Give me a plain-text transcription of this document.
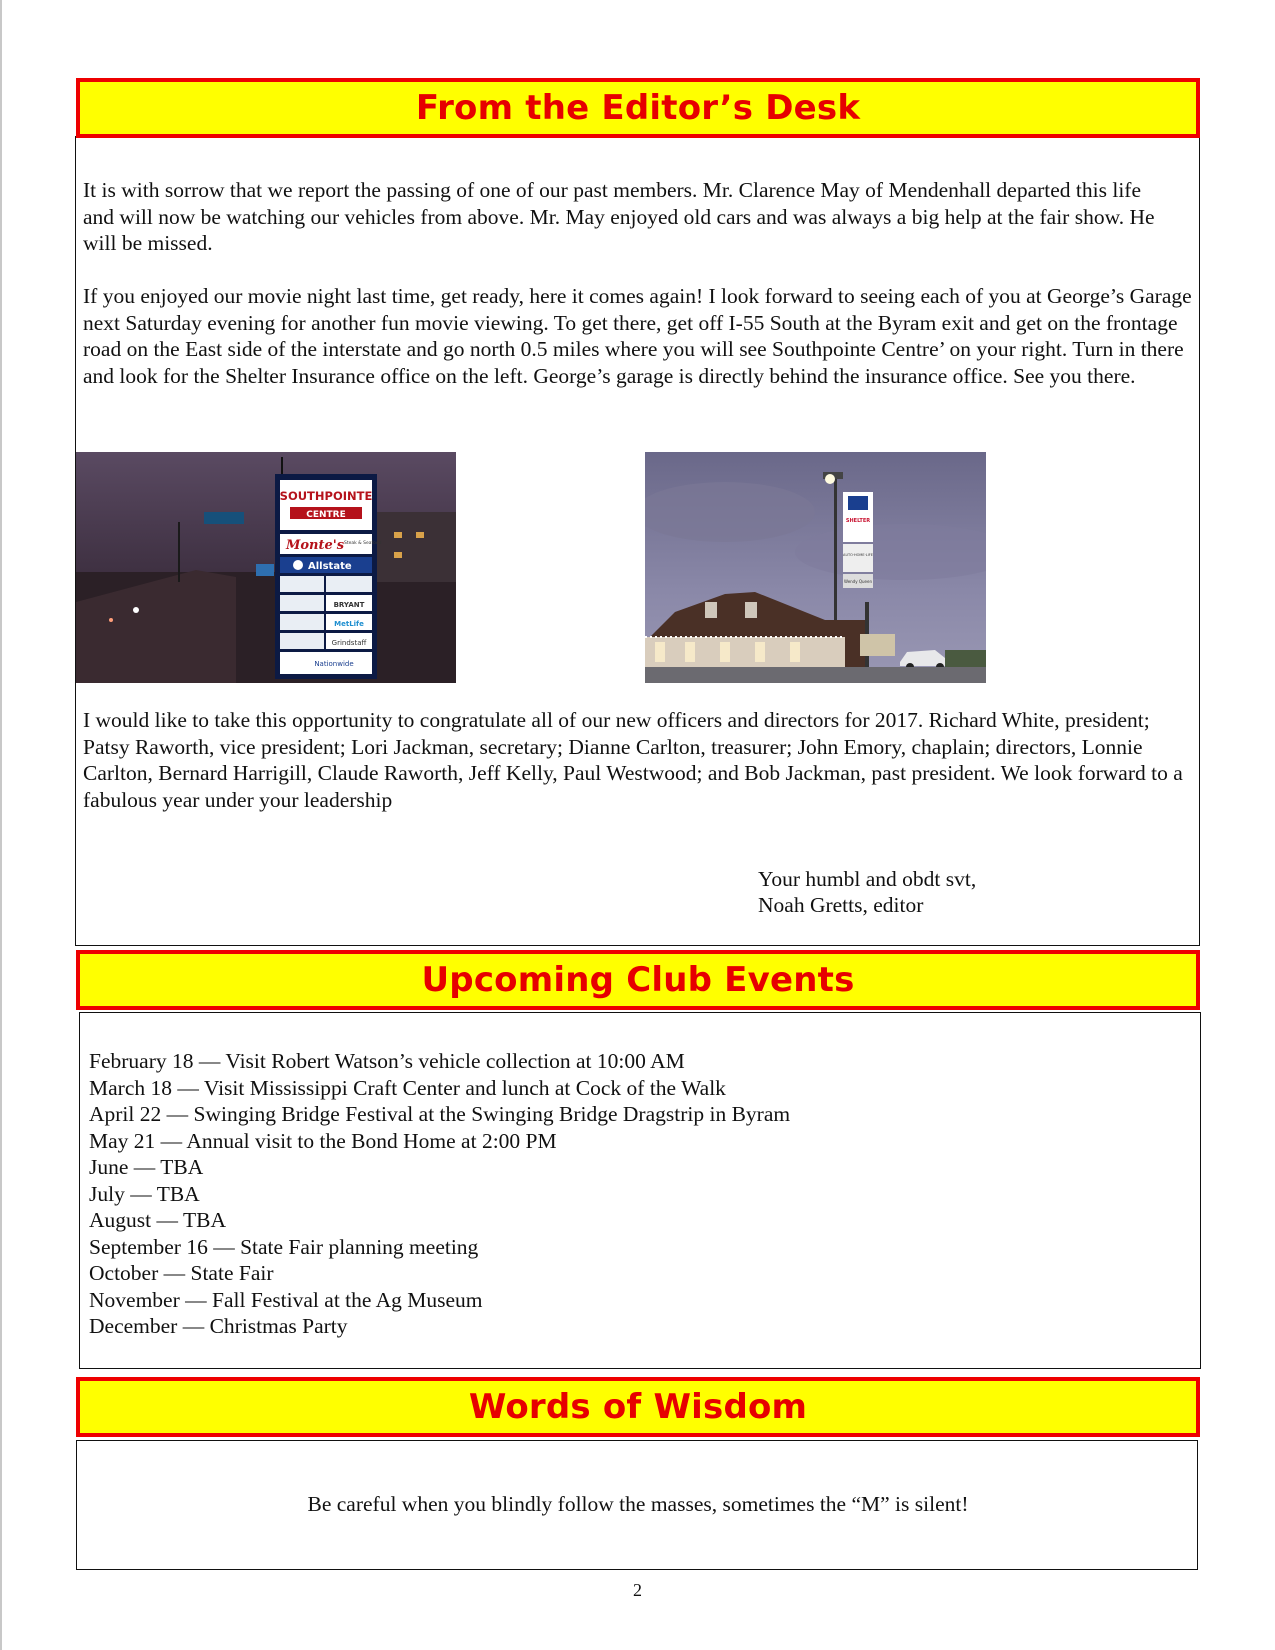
From the Editor’s Desk

It is with sorrow that we report the passing of one of our past members. Mr. Clarence May of Mendenhall departed this life and will now be watching our vehicles from above. Mr. May enjoyed old cars and was always a big help at the fair show. He will be missed.

If you enjoyed our movie night last time, get ready, here it comes again! I look forward to seeing each of you at George’s Garage next Saturday evening for another fun movie viewing. To get there, get off I-55 South at the Byram exit and get on the frontage road on the East side of the interstate and go north 0.5 miles where you will see Southpointe Centre’ on your right. Turn in there and look for the Shelter Insurance office on the left. George’s garage is directly behind the insurance office. See you there.

SOUTHPOINTE
CENTRE
Monte's Steak & Seafood
Allstate
BRYANT
MetLife
Grindstaff
Nationwide
SHELTER
AUTO·HOME·LIFE
Wendy Queen

I would like to take this opportunity to congratulate all of our new officers and directors for 2017. Richard White, president; Patsy Raworth, vice president; Lori Jackman, secretary; Dianne Carlton, treasurer; John Emory, chaplain; directors, Lonnie Carlton, Bernard Harrigill, Claude Raworth, Jeff Kelly, Paul Westwood; and Bob Jackman, past president. We look forward to a fabulous year under your leadership

Your humbl and obdt svt,
Noah Gretts, editor
Upcoming Club Events
February 18 — Visit Robert Watson’s vehicle collection at 10:00 AM
March 18 — Visit Mississippi Craft Center and lunch at Cock of the Walk
April 22 — Swinging Bridge Festival at the Swinging Bridge Dragstrip in Byram
May 21 — Annual visit to the Bond Home at 2:00 PM
June — TBA
July — TBA
August — TBA
September 16 — State Fair planning meeting
October — State Fair
November — Fall Festival at the Ag Museum
December — Christmas Party
Words of Wisdom
Be careful when you blindly follow the masses, sometimes the “M” is silent!
2
